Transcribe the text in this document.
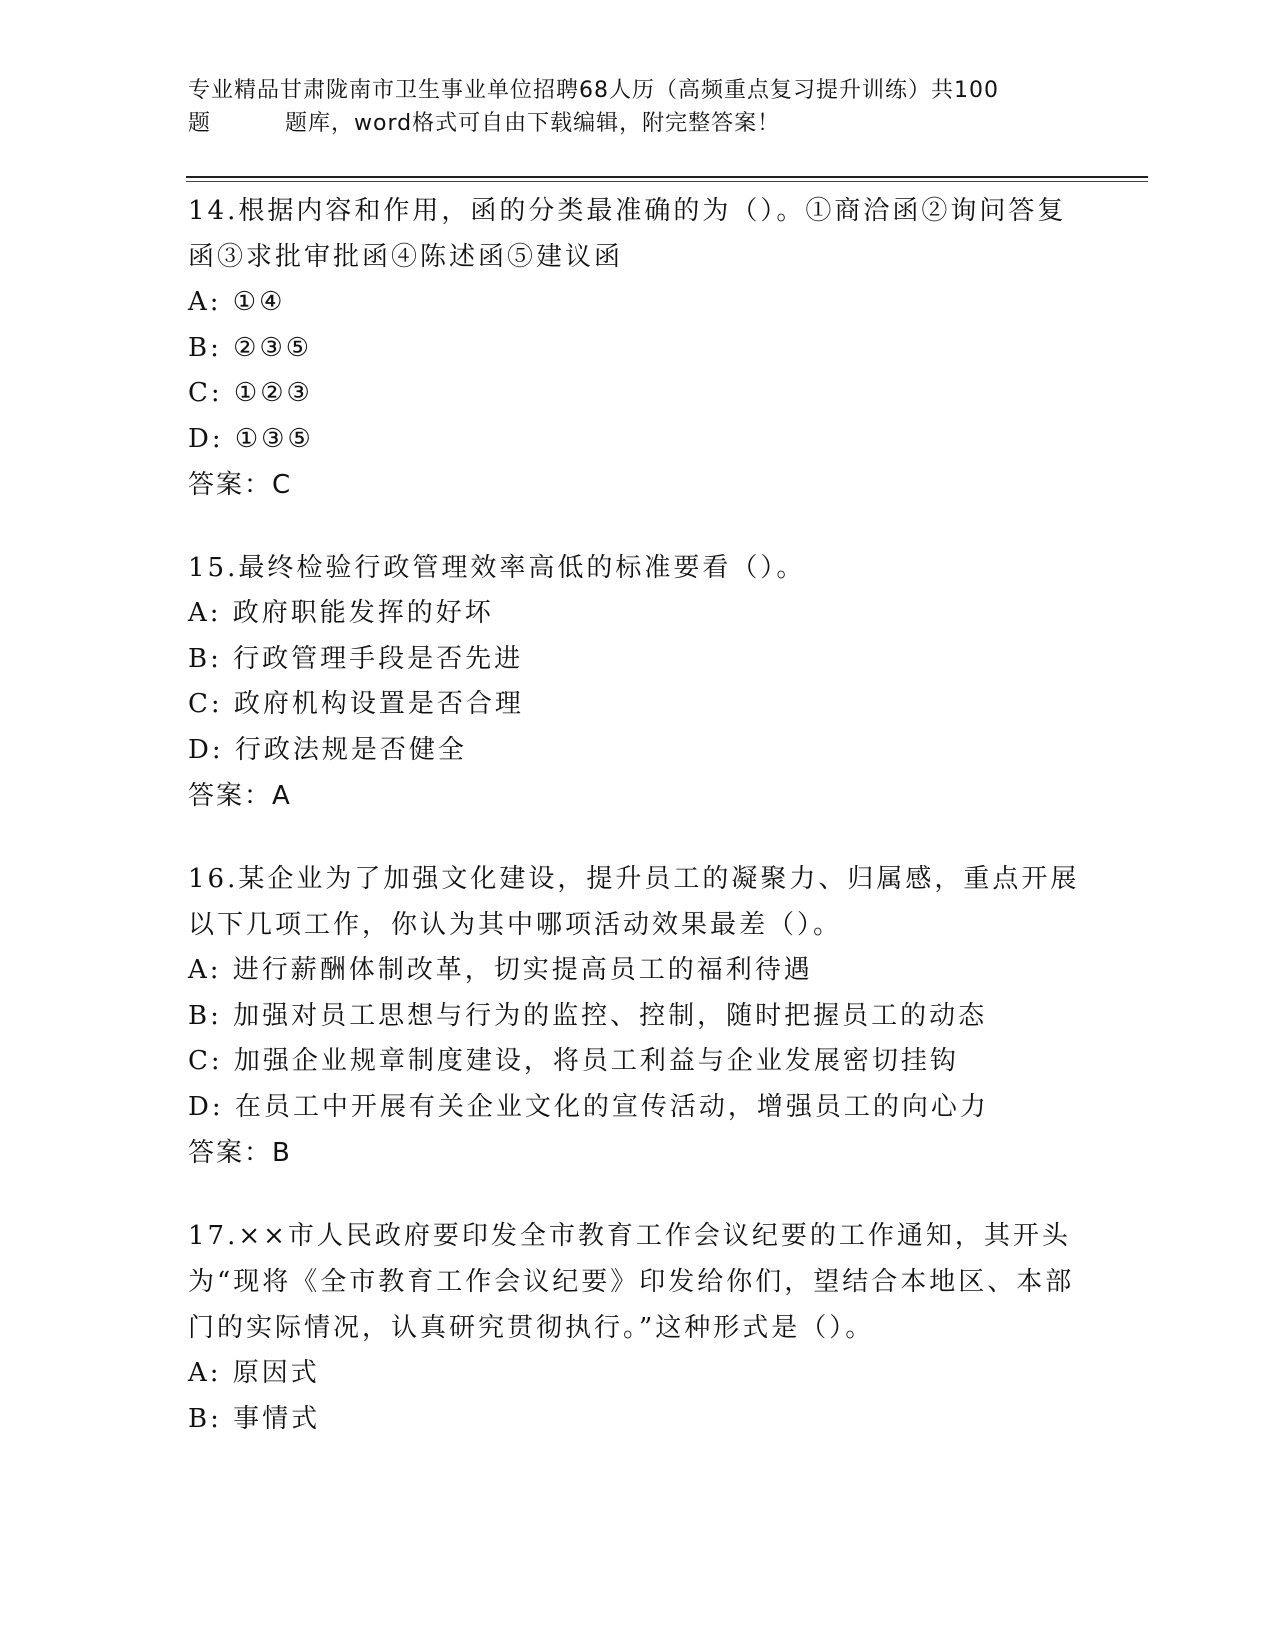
专业精品甘肃陇南市卫生事业单位招聘68人历（高频重点复习提升训练）共100
题	题库，word格式可自由下载编辑，附完整答案！
14.根据内容和作用，函的分类最准确的为（）。①商洽函②询问答复函③求批审批函④陈述函⑤建议函
A: ①④
B: ②③⑤
C: ①②③
D: ①③⑤
答案：C
15.最终检验行政管理效率高低的标准要看（）。
A: 政府职能发挥的好坏
B: 行政管理手段是否先进
C: 政府机构设置是否合理
D: 行政法规是否健全
答案：A
16.某企业为了加强文化建设，提升员工的凝聚力、归属感，重点开展以下几项工作，你认为其中哪项活动效果最差（）。
A: 进行薪酬体制改革，切实提高员工的福利待遇
B: 加强对员工思想与行为的监控、控制，随时把握员工的动态
C: 加强企业规章制度建设，将员工利益与企业发展密切挂钩
D: 在员工中开展有关企业文化的宣传活动，增强员工的向心力
答案：B
17.××市人民政府要印发全市教育工作会议纪要的工作通知，其开头为“现将《全市教育工作会议纪要》印发给你们，望结合本地区、本部门的实际情况，认真研究贯彻执行。”这种形式是（）。
A: 原因式
B: 事情式
